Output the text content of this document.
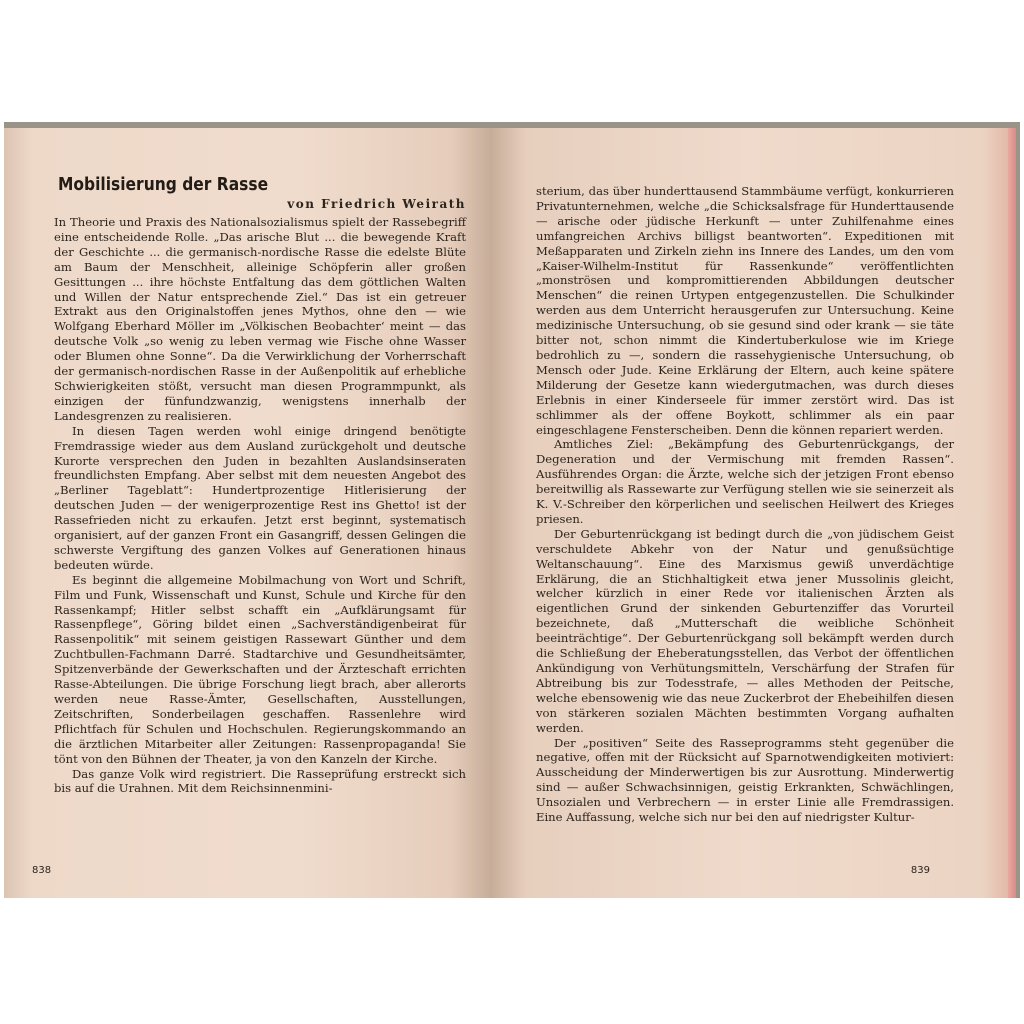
Mobilisierung der Rasse
von Friedrich Weirath

In Theorie und Praxis des Nationalsozialismus spielt der Rassebegriff eine entscheidende Rolle. „Das arische Blut ... die bewegende Kraft der Geschichte ... die germanisch-nordische Rasse die edelste Blüte am Baum der Menschheit, alleinige Schöpferin aller großen Gesittungen ... ihre höchste Entfaltung das dem göttlichen Walten und Willen der Natur entsprechende Ziel.“ Das ist ein getreuer Extrakt aus den Originalstoffen jenes Mythos, ohne den — wie Wolfgang Eberhard Möller im „Völkischen Beobachter‘ meint — das deutsche Volk „so wenig zu leben vermag wie Fische ohne Wasser oder Blumen ohne Sonne“. Da die Verwirklichung der Vorherrschaft der germanisch-nordischen Rasse in der Außenpolitik auf erhebliche Schwierigkeiten stößt, versucht man diesen Programmpunkt, als einzigen der fünfundzwanzig, wenigstens innerhalb der Landesgrenzen zu realisieren.

In diesen Tagen werden wohl einige dringend benötigte Fremdrassige wieder aus dem Ausland zurückgeholt und deutsche Kurorte versprechen den Juden in bezahlten Auslandsinseraten freundlichsten Empfang. Aber selbst mit dem neuesten Angebot des „Berliner Tageblatt“: Hundertprozentige Hitlerisierung der deutschen Juden — der wenigerprozentige Rest ins Ghetto! ist der Rassefrieden nicht zu erkaufen. Jetzt erst beginnt, systematisch organisiert, auf der ganzen Front ein Gasangriff, dessen Gelingen die schwerste Vergiftung des ganzen Volkes auf Generationen hinaus bedeuten würde.

Es beginnt die allgemeine Mobilmachung von Wort und Schrift, Film und Funk, Wissenschaft und Kunst, Schule und Kirche für den Rassenkampf; Hitler selbst schafft ein „Aufklärungsamt für Rassenpflege“, Göring bildet einen „Sachverständigenbeirat für Rassenpolitik“ mit seinem geistigen Rassewart Günther und dem Zuchtbullen-Fachmann Darré. Stadtarchive und Gesundheitsämter, Spitzenverbände der Gewerkschaften und der Ärzteschaft errichten Rasse-Abteilungen. Die übrige Forschung liegt brach, aber allerorts werden neue Rasse-Ämter, Gesellschaften, Ausstellungen, Zeitschriften, Sonderbeilagen geschaffen. Rassenlehre wird Pflichtfach für Schulen und Hochschulen. Regierungskommando an die ärztlichen Mitarbeiter aller Zeitungen: Rassenpropaganda! Sie tönt von den Bühnen der Theater, ja von den Kanzeln der Kirche.

Das ganze Volk wird registriert. Die Rasseprüfung erstreckt sich bis auf die Urahnen. Mit dem Reichsinnenmini-

838

sterium, das über hunderttausend Stammbäume verfügt, konkurrieren Privatunternehmen, welche „die Schicksalsfrage für Hunderttausende — arische oder jüdische Herkunft — unter Zuhilfenahme eines umfangreichen Archivs billigst beantworten“. Expeditionen mit Meßapparaten und Zirkeln ziehn ins Innere des Landes, um den vom „Kaiser-Wilhelm-Institut für Rassenkunde“ veröffentlichten „monströsen und kompromittierenden Abbildungen deutscher Menschen“ die reinen Urtypen entgegenzustellen. Die Schulkinder werden aus dem Unterricht herausgerufen zur Untersuchung. Keine medizinische Untersuchung, ob sie gesund sind oder krank — sie täte bitter not, schon nimmt die Kindertuberkulose wie im Kriege bedrohlich zu —, sondern die rassehygienische Untersuchung, ob Mensch oder Jude. Keine Erklärung der Eltern, auch keine spätere Milderung der Gesetze kann wiedergutmachen, was durch dieses Erlebnis in einer Kinderseele für immer zerstört wird. Das ist schlimmer als der offene Boykott, schlimmer als ein paar eingeschlagene Fensterscheiben. Denn die können repariert werden.

Amtliches Ziel: „Bekämpfung des Geburtenrückgangs, der Degeneration und der Vermischung mit fremden Rassen“. Ausführendes Organ: die Ärzte, welche sich der jetzigen Front ebenso bereitwillig als Rassewarte zur Verfügung stellen wie sie seinerzeit als K. V.-Schreiber den körperlichen und seelischen Heilwert des Krieges priesen.

Der Geburtenrückgang ist bedingt durch die „von jüdischem Geist verschuldete Abkehr von der Natur und genußsüchtige Weltanschauung“. Eine des Marxismus gewiß unverdächtige Erklärung, die an Stichhaltigkeit etwa jener Mussolinis gleicht, welcher kürzlich in einer Rede vor italienischen Ärzten als eigentlichen Grund der sinkenden Geburtenziffer das Vorurteil bezeichnete, daß „Mutterschaft die weibliche Schönheit beeinträchtige“. Der Geburtenrückgang soll bekämpft werden durch die Schließung der Eheberatungsstellen, das Verbot der öffentlichen Ankündigung von Verhütungsmitteln, Verschärfung der Strafen für Abtreibung bis zur Todesstrafe, — alles Methoden der Peitsche, welche ebensowenig wie das neue Zuckerbrot der Ehebeihilfen diesen von stärkeren sozialen Mächten bestimmten Vorgang aufhalten werden.

Der „positiven“ Seite des Rasseprogramms steht gegenüber die negative, offen mit der Rücksicht auf Sparnotwendigkeiten motiviert: Ausscheidung der Minderwertigen bis zur Ausrottung. Minderwertig sind — außer Schwachsinnigen, geistig Erkrankten, Schwächlingen, Unsozialen und Verbrechern — in erster Linie alle Fremdrassigen. Eine Auffassung, welche sich nur bei den auf niedrigster Kultur-

839
